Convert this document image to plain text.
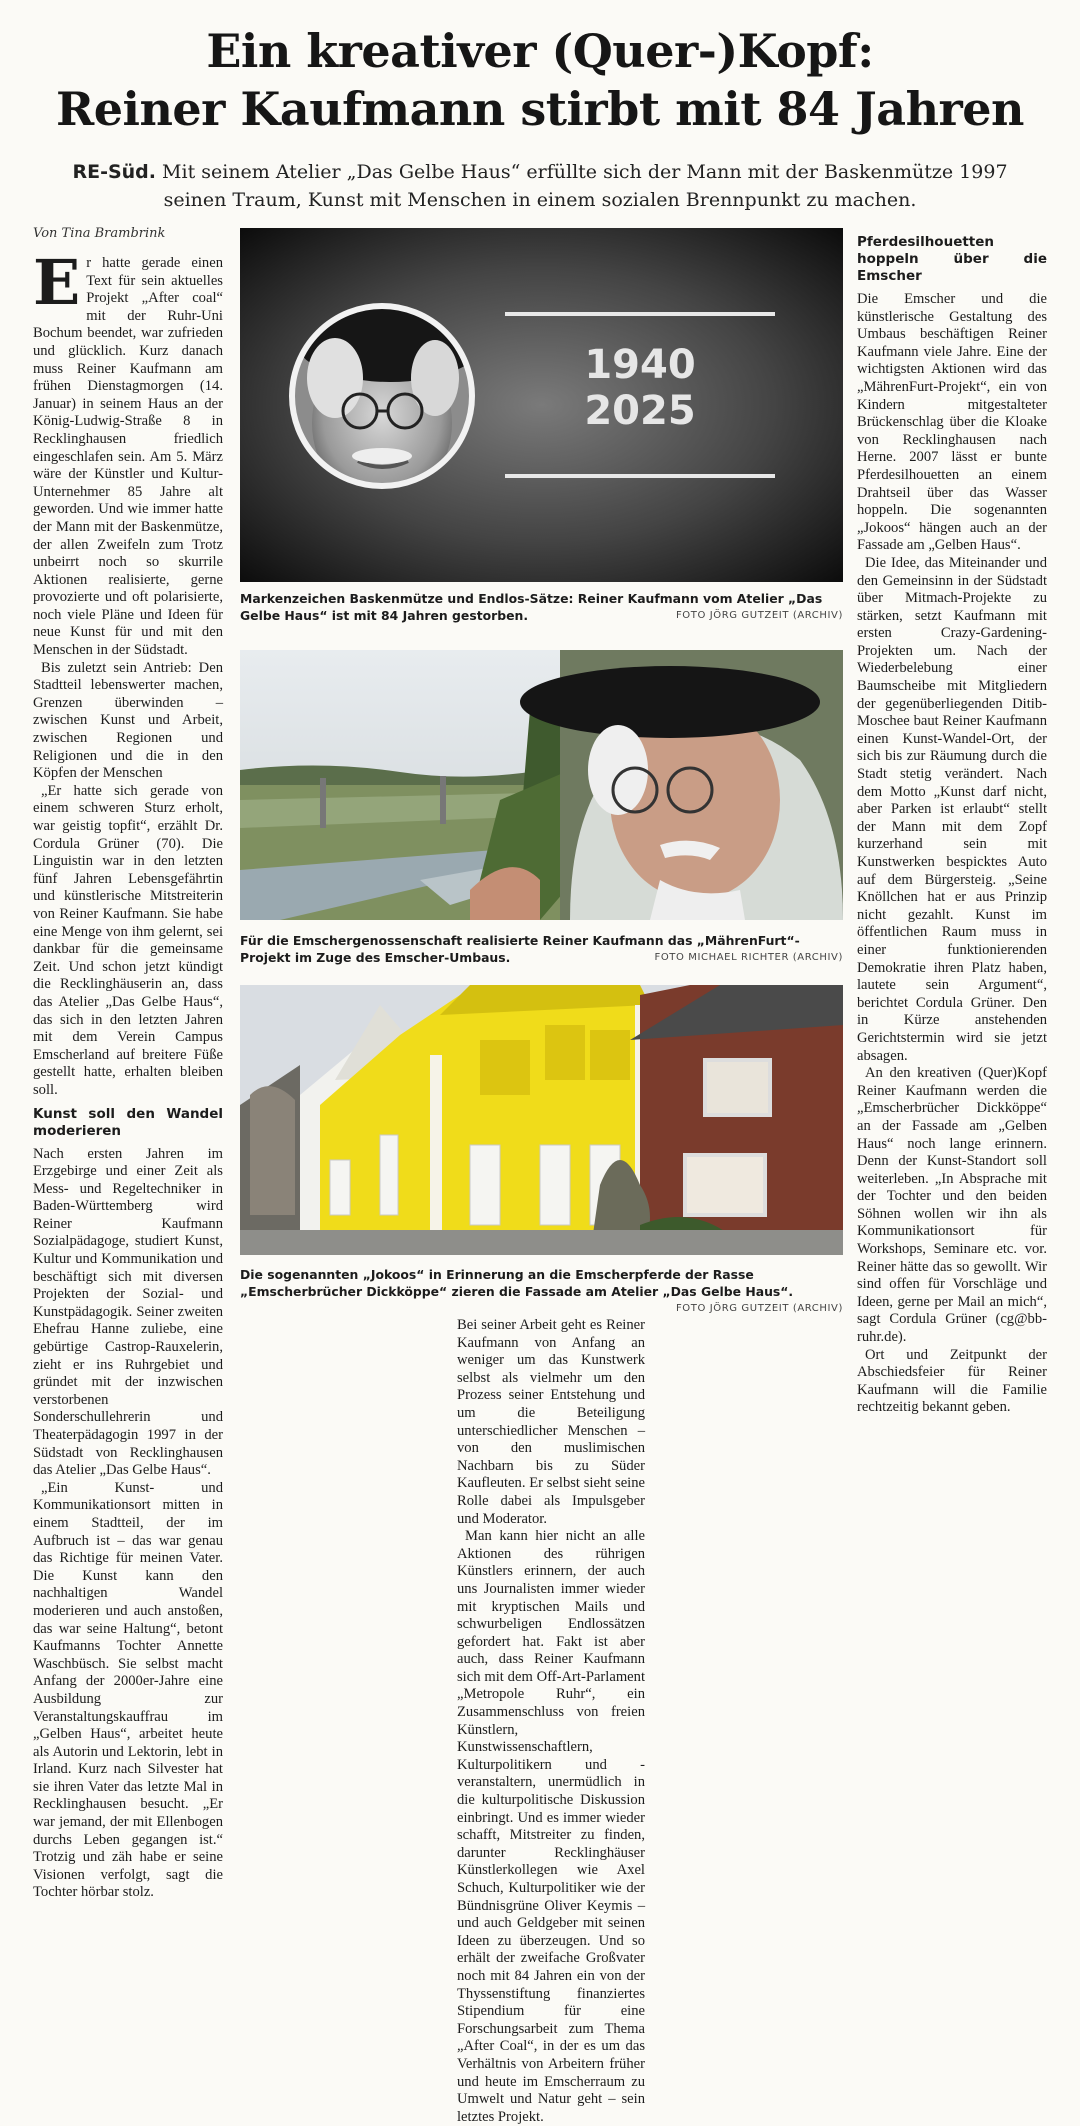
Ein kreativer (Quer-)Kopf:
Reiner Kaufmann stirbt mit 84 Jahren
RE-Süd. Mit seinem Atelier „Das Gelbe Haus“ erfüllte sich der Mann mit der Baskenmütze 1997 seinen Traum, Kunst mit Menschen in einem sozialen Brennpunkt zu machen.
Von Tina Brambrink

Er hatte gerade einen Text für sein aktuelles Projekt „After coal“ mit der Ruhr-Uni Bochum beendet, war zufrieden und glücklich. Kurz danach muss Reiner Kaufmann am frühen Dienstagmorgen (14. Januar) in seinem Haus an der König-Ludwig-Straße 8 in Recklinghausen friedlich eingeschlafen sein. Am 5. März wäre der Künstler und Kultur-Unternehmer 85 Jahre alt geworden. Und wie immer hatte der Mann mit der Baskenmütze, der allen Zweifeln zum Trotz unbeirrt noch so skurrile Aktionen realisierte, gerne provozierte und oft polarisierte, noch viele Pläne und Ideen für neue Kunst für und mit den Menschen in der Südstadt.

Bis zuletzt sein Antrieb: Den Stadtteil lebenswerter machen, Grenzen überwinden – zwischen Kunst und Arbeit, zwischen Regionen und Religionen und die in den Köpfen der Menschen

„Er hatte sich gerade von einem schweren Sturz erholt, war geistig topfit“, erzählt Dr. Cordula Grüner (70). Die Linguistin war in den letzten fünf Jahren Lebensgefährtin und künstlerische Mitstreiterin von Reiner Kaufmann. Sie habe eine Menge von ihm gelernt, sei dankbar für die gemeinsame Zeit. Und schon jetzt kündigt die Recklinghäuserin an, dass das Atelier „Das Gelbe Haus“, das sich in den letzten Jahren mit dem Verein Campus Emscherland auf breitere Füße gestellt hatte, erhalten bleiben soll.

Kunst soll den Wandel moderieren

Nach ersten Jahren im Erzgebirge und einer Zeit als Mess- und Regeltechniker in Baden-Württemberg wird Reiner Kaufmann Sozialpädagoge, studiert Kunst, Kultur und Kommunikation und beschäftigt sich mit diversen Projekten der Sozial- und Kunstpädagogik. Seiner zweiten Ehefrau Hanne zuliebe, eine gebürtige Castrop-Rauxelerin, zieht er ins Ruhrgebiet und gründet mit der inzwischen verstorbenen Sonderschullehrerin und Theaterpädagogin 1997 in der Südstadt von Recklinghausen das Atelier „Das Gelbe Haus“.

„Ein Kunst- und Kommunikationsort mitten in einem Stadtteil, der im Aufbruch ist – das war genau das Richtige für meinen Vater. Die Kunst kann den nachhaltigen Wandel moderieren und auch anstoßen, das war seine Haltung“, betont Kaufmanns Tochter Annette Waschbüsch. Sie selbst macht Anfang der 2000er-Jahre eine Ausbildung zur Veranstaltungskauffrau im „Gelben Haus“, arbeitet heute als Autorin und Lektorin, lebt in Irland. Kurz nach Silvester hat sie ihren Vater das letzte Mal in Recklinghausen besucht. „Er war jemand, der mit Ellenbogen durchs Leben gegangen ist.“ Trotzig und zäh habe er seine Visionen verfolgt, sagt die Tochter hörbar stolz.

1940
2025
Markenzeichen Baskenmütze und Endlos-Sätze: Reiner Kaufmann vom Atelier „Das Gelbe Haus“ ist mit 84 Jahren gestorben.	FOTO JÖRG GUTZEIT (ARCHIV)
Für die Emschergenossenschaft realisierte Reiner Kaufmann das „MährenFurt“-Projekt im Zuge des Emscher-Umbaus.	FOTO MICHAEL RICHTER (ARCHIV)
Die sogenannten „Jokoos“ in Erinnerung an die Emscherpferde der Rasse „Emscherbrücher Dickköppe“ zieren die Fassade am Atelier „Das Gelbe Haus“.
FOTO JÖRG GUTZEIT (ARCHIV)

Bei seiner Arbeit geht es Reiner Kaufmann von Anfang an weniger um das Kunstwerk selbst als vielmehr um den Prozess seiner Entstehung und um die Beteiligung unterschiedlicher Menschen – von den muslimischen Nachbarn bis zu Süder Kaufleuten. Er selbst sieht seine Rolle dabei als Impulsgeber und Moderator.

Man kann hier nicht an alle Aktionen des rührigen Künstlers erinnern, der auch uns Journalisten immer wieder mit kryptischen Mails und schwurbeligen Endlossätzen gefordert hat. Fakt ist aber auch, dass Reiner Kaufmann sich mit dem Off-Art-Parlament „Metropole Ruhr“, ein Zusammenschluss von freien Künstlern, Kunstwissenschaftlern, Kulturpolitikern und -veranstaltern, unermüdlich in die kulturpolitische Diskussion einbringt. Und es immer wieder schafft, Mitstreiter zu finden, darunter Recklinghäuser Künstlerkollegen wie Axel Schuch, Kulturpolitiker wie der Bündnisgrüne Oliver Keymis – und auch Geldgeber mit seinen Ideen zu überzeugen. Und so erhält der zweifache Großvater noch mit 84 Jahren ein von der Thyssenstiftung finanziertes Stipendium für eine Forschungsarbeit zum Thema „After Coal“, in der es um das Verhältnis von Arbeitern früher und heute im Emscherraum zu Umwelt und Natur geht – sein letztes Projekt.

Pferdesilhouetten hoppeln über die Emscher

Die Emscher und die künstlerische Gestaltung des Umbaus beschäftigen Reiner Kaufmann viele Jahre. Eine der wichtigsten Aktionen wird das „MährenFurt-Projekt“, ein von Kindern mitgestalteter Brückenschlag über die Kloake von Recklinghausen nach Herne. 2007 lässt er bunte Pferdesilhouetten an einem Drahtseil über das Wasser hoppeln. Die sogenannten „Jokoos“ hängen auch an der Fassade am „Gelben Haus“.

Die Idee, das Miteinander und den Gemeinsinn in der Südstadt über Mitmach-Projekte zu stärken, setzt Kaufmann mit ersten Crazy-Gardening-Projekten um. Nach der Wiederbelebung einer Baumscheibe mit Mitgliedern der gegenüberliegenden Ditib-Moschee baut Reiner Kaufmann einen Kunst-Wandel-Ort, der sich bis zur Räumung durch die Stadt stetig verändert. Nach dem Motto „Kunst darf nicht, aber Parken ist erlaubt“ stellt der Mann mit dem Zopf kurzerhand sein mit Kunstwerken bespicktes Auto auf dem Bürgersteig. „Seine Knöllchen hat er aus Prinzip nicht gezahlt. Kunst im öffentlichen Raum muss in einer funktionierenden Demokratie ihren Platz haben, lautete sein Argument“, berichtet Cordula Grüner. Den in Kürze anstehenden Gerichtstermin wird sie jetzt absagen.

An den kreativen (Quer)Kopf Reiner Kaufmann werden die „Emscherbrücher Dickköppe“ an der Fassade am „Gelben Haus“ noch lange erinnern. Denn der Kunst-Standort soll weiterleben. „In Absprache mit der Tochter und den beiden Söhnen wollen wir ihn als Kommunikationsort für Workshops, Seminare etc. vor. Reiner hätte das so gewollt. Wir sind offen für Vorschläge und Ideen, gerne per Mail an mich“, sagt Cordula Grüner (cg@bb-ruhr.de).

Ort und Zeitpunkt der Abschiedsfeier für Reiner Kaufmann will die Familie rechtzeitig bekannt geben.
